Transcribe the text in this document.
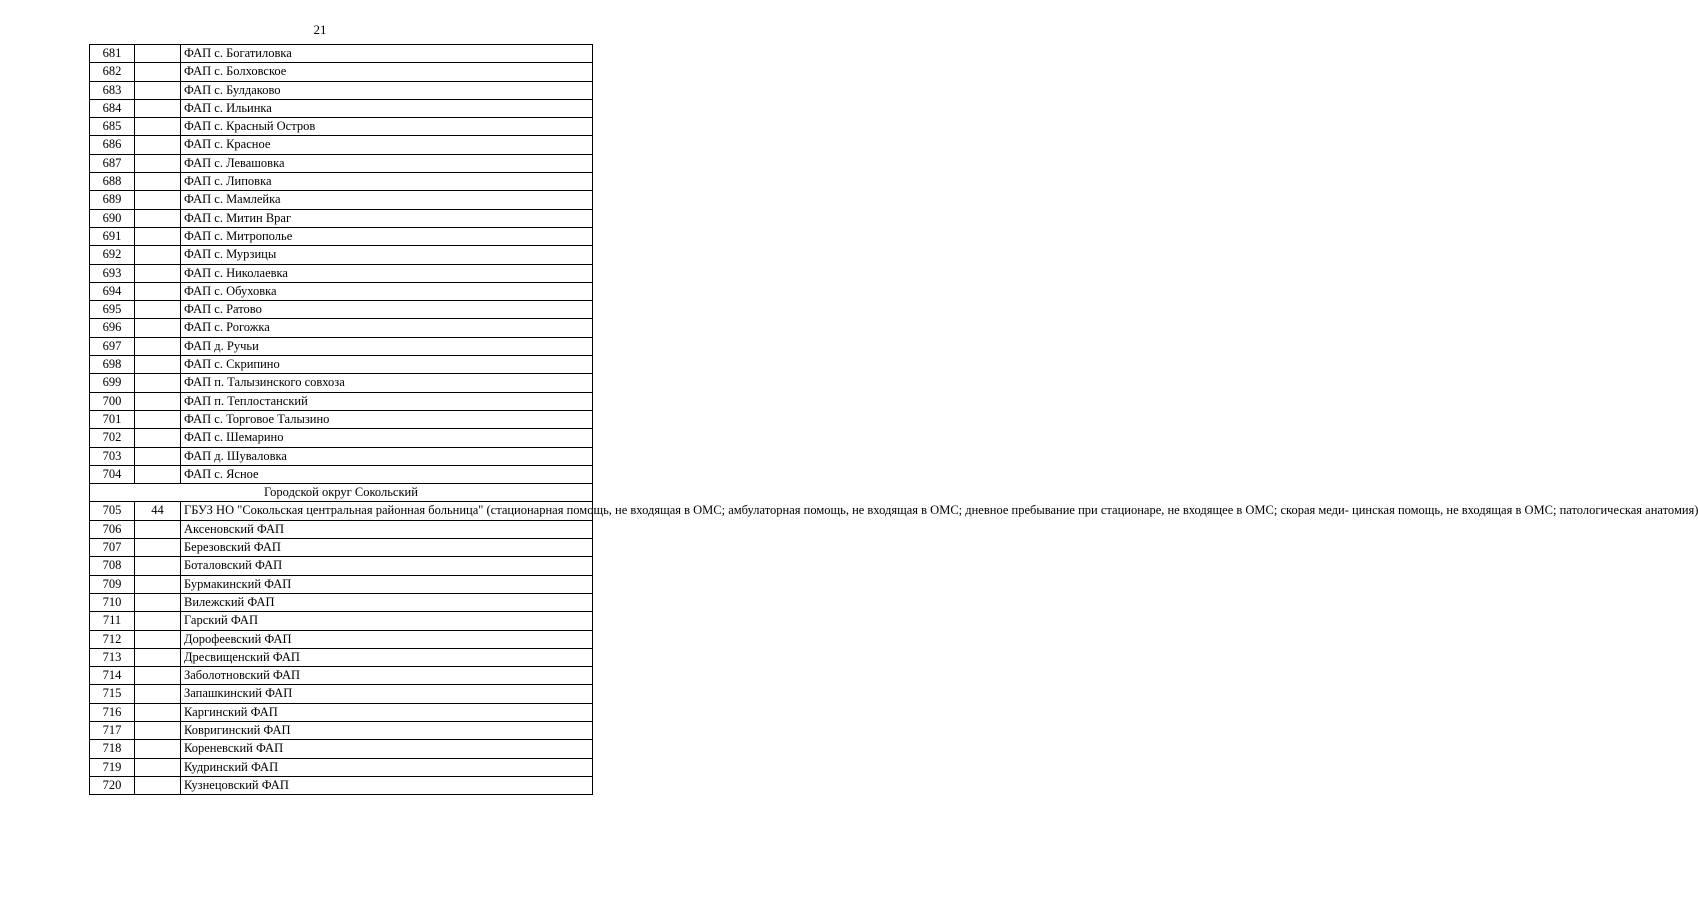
21
681		ФАП с. Богатиловка
682		ФАП с. Болховское
683		ФАП с. Булдаково
684		ФАП с. Ильинка
685		ФАП с. Красный Остров
686		ФАП с. Красное
687		ФАП с. Левашовка
688		ФАП с. Липовка
689		ФАП с. Мамлейка
690		ФАП с. Митин Враг
691		ФАП с. Митрополье
692		ФАП с. Мурзицы
693		ФАП с. Николаевка
694		ФАП с. Обуховка
695		ФАП с. Ратово
696		ФАП с. Рогожка
697		ФАП д. Ручьи
698		ФАП с. Скрипино
699		ФАП п. Талызинского совхоза
700		ФАП п. Теплостанский
701		ФАП с. Торговое Талызино
702		ФАП с. Шемарино
703		ФАП д. Шуваловка
704		ФАП с. Ясное
Городской округ Сокольский		
705	44	ГБУЗ НО "Сокольская центральная районная больница" (стационарная помощь, не входящая в ОМС; амбулаторная помощь, не входящая в ОМС; дневное пребывание при стационаре, не входящее в ОМС; скорая меди- цинская помощь, не входящая в ОМС; патологическая анатомия)
706		Аксеновский ФАП
707		Березовский ФАП
708		Боталовский ФАП
709		Бурмакинский ФАП
710		Вилежский ФАП
711		Гарский ФАП
712		Дорофеевский ФАП
713		Дресвищенский ФАП
714		Заболотновский ФАП
715		Запашкинский ФАП
716		Каргинский ФАП
717		Ковригинский ФАП
718		Кореневский ФАП
719		Кудринский ФАП
720		Кузнецовский ФАП
